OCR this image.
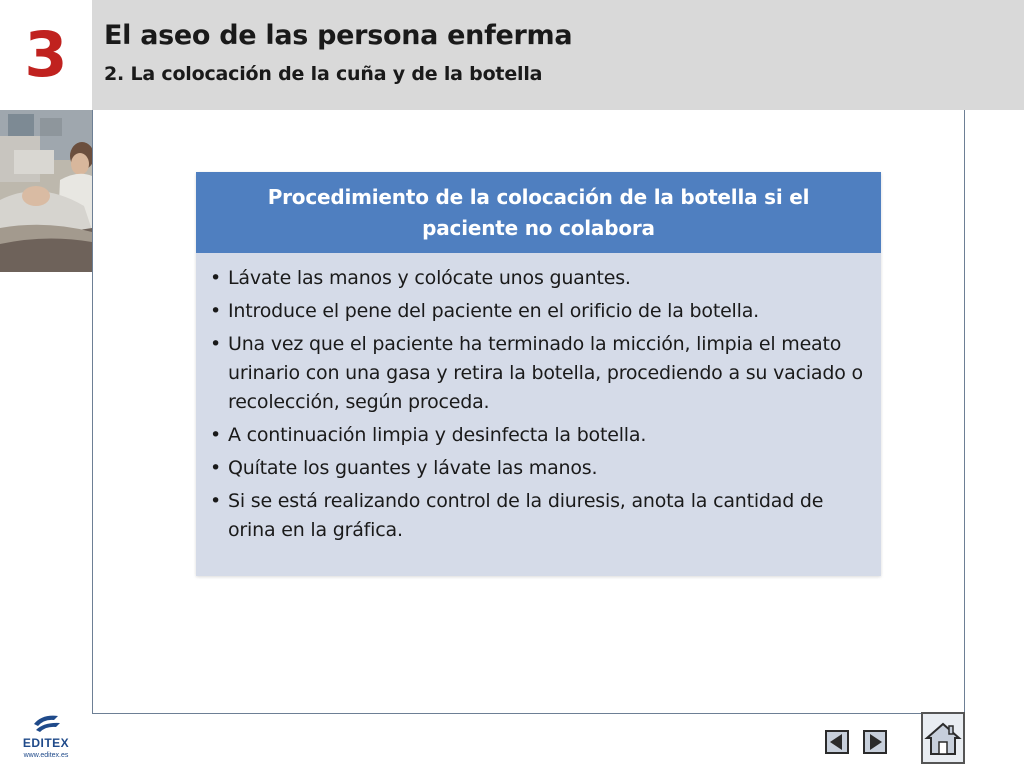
3 El aseo de las persona enferma
2. La colocación de la cuña y de la botella
Procedimiento de la colocación de la botella si el paciente no colabora
• Lávate las manos y colócate unos guantes.
• Introduce el pene del paciente en el orificio de la botella.
• Una vez que el paciente ha terminado la micción, limpia el meato urinario con una gasa y retira la botella, procediendo a su vaciado o recolección, según proceda.
• A continuación limpia y desinfecta la botella.
• Quítate los guantes y lávate las manos.
• Si se está realizando control de la diuresis, anota la cantidad de orina en la gráfica.
EDITEX
www.editex.es
